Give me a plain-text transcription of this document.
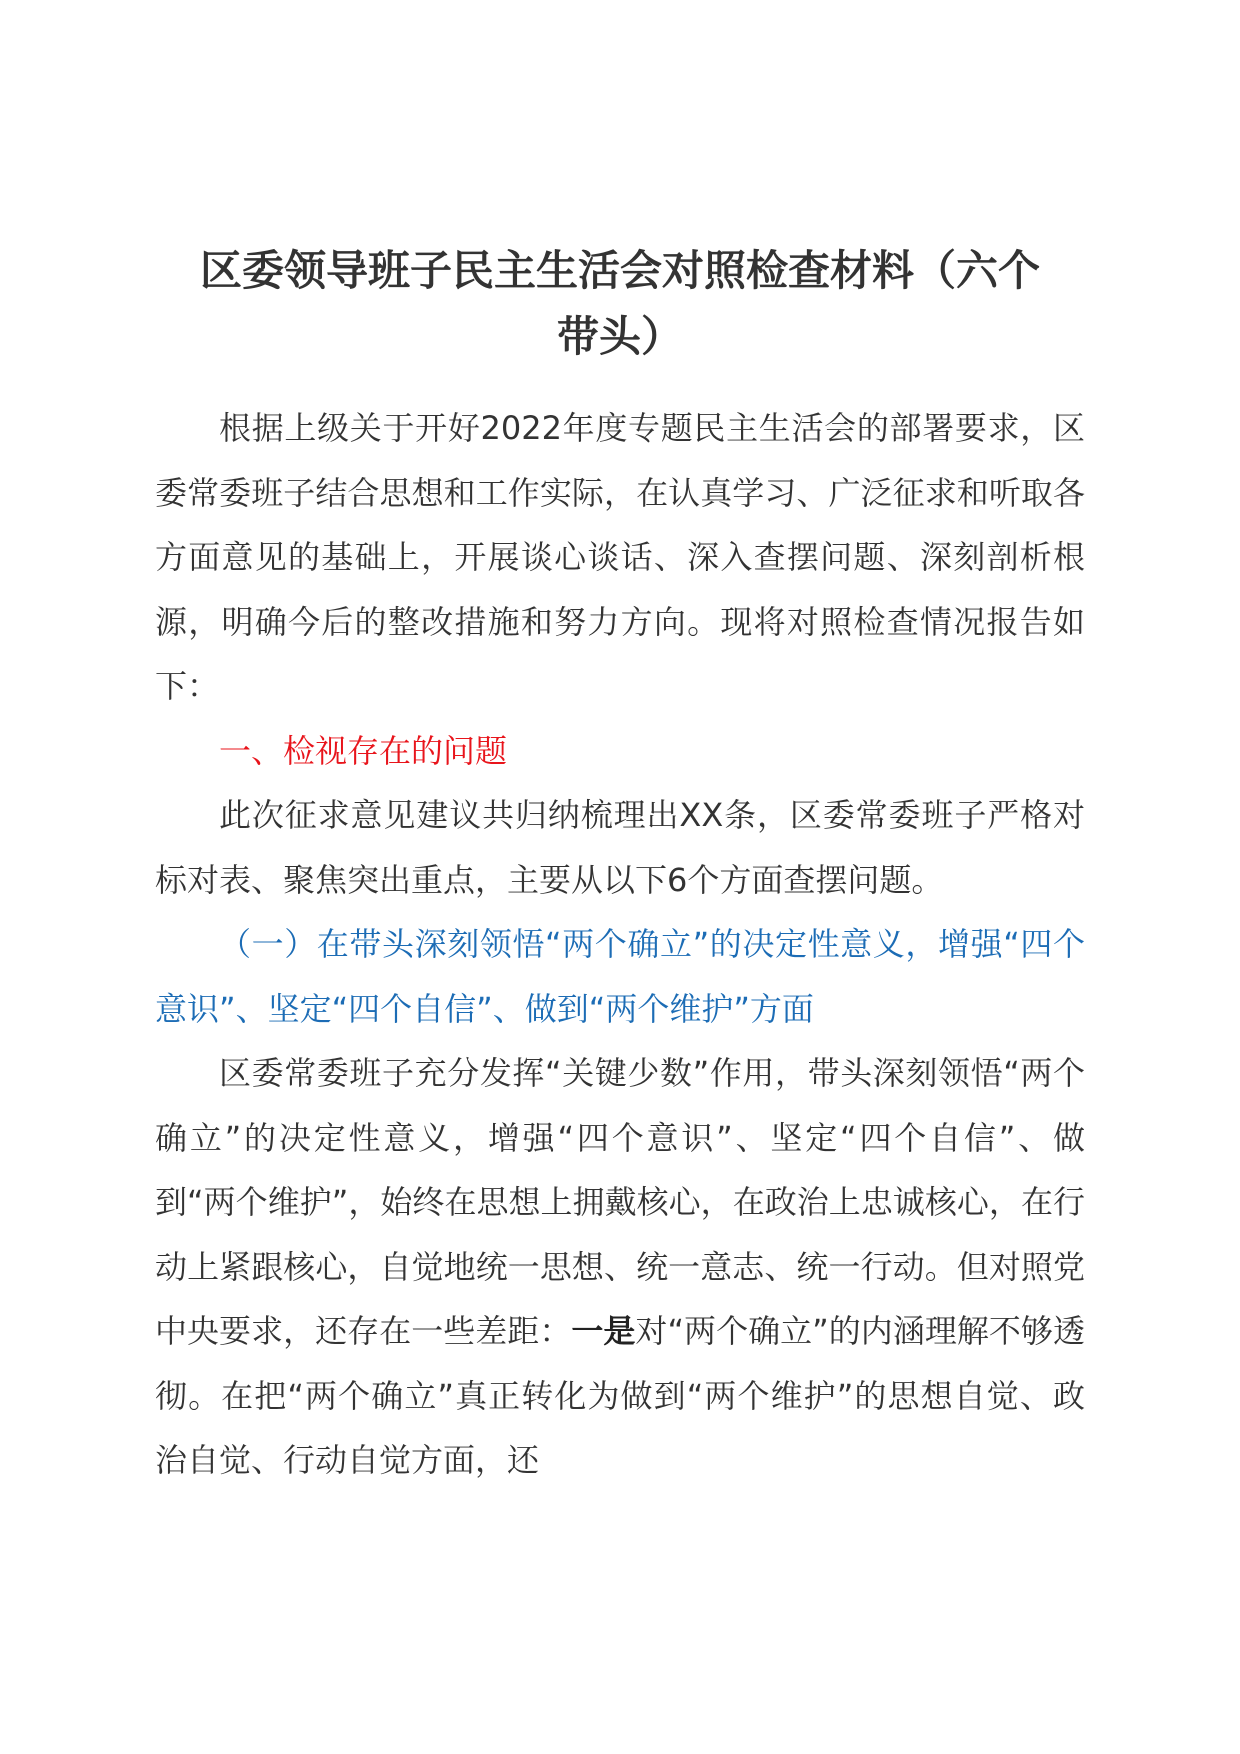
区委领导班子民主生活会对照检查材料（六个
带头）

根据上级关于开好2022年度专题民主生活会的部署要求，区委常委班子结合思想和工作实际，在认真学习、广泛征求和听取各方面意见的基础上，开展谈心谈话、深入查摆问题、深刻剖析根源，明确今后的整改措施和努力方向。现将对照检查情况报告如下：

一、检视存在的问题

此次征求意见建议共归纳梳理出XX条，区委常委班子严格对标对表、聚焦突出重点，主要从以下6个方面查摆问题。

（一）在带头深刻领悟“两个确立”的决定性意义，增强“四个意识”、坚定“四个自信”、做到“两个维护”方面

区委常委班子充分发挥“关键少数”作用，带头深刻领悟“两个确立”的决定性意义，增强“四个意识”、坚定“四个自信”、做到“两个维护”，始终在思想上拥戴核心，在政治上忠诚核心，在行动上紧跟核心，自觉地统一思想、统一意志、统一行动。但对照党中央要求，还存在一些差距：一是对“两个确立”的内涵理解不够透彻。在把“两个确立”真正转化为做到“两个维护”的思想自觉、政治自觉、行动自觉方面，还
